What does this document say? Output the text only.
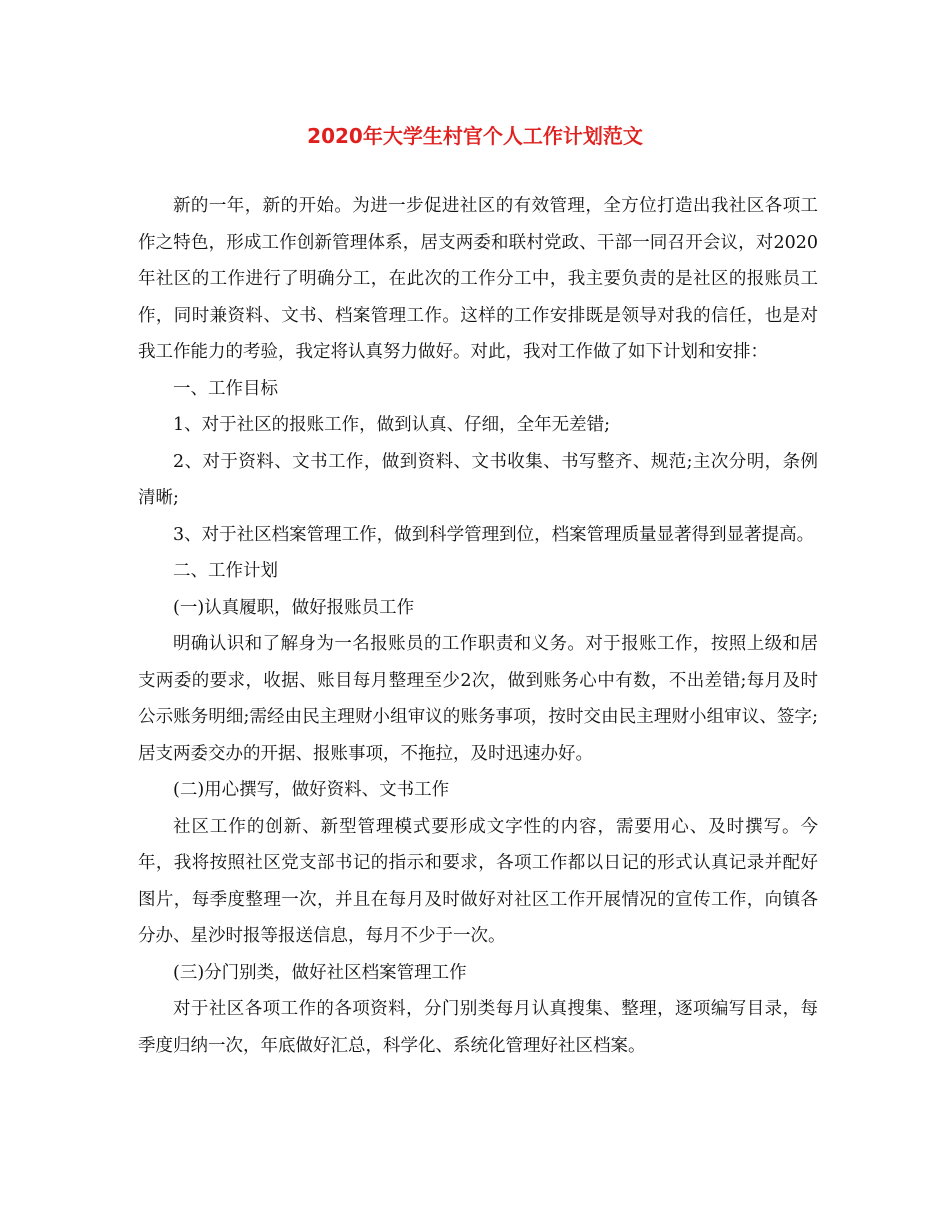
2020年大学生村官个人工作计划范文

新的一年，新的开始。为进一步促进社区的有效管理，全方位打造出我社区各项工作之特色，形成工作创新管理体系，居支两委和联村党政、干部一同召开会议，对2020年社区的工作进行了明确分工，在此次的工作分工中，我主要负责的是社区的报账员工作，同时兼资料、文书、档案管理工作。这样的工作安排既是领导对我的信任，也是对我工作能力的考验，我定将认真努力做好。对此，我对工作做了如下计划和安排：

一、工作目标

1、对于社区的报账工作，做到认真、仔细，全年无差错;

2、对于资料、文书工作，做到资料、文书收集、书写整齐、规范;主次分明，条例清晰;

3、对于社区档案管理工作，做到科学管理到位，档案管理质量显著得到显著提高。

二、工作计划

(一)认真履职，做好报账员工作

明确认识和了解身为一名报账员的工作职责和义务。对于报账工作，按照上级和居支两委的要求，收据、账目每月整理至少2次，做到账务心中有数，不出差错;每月及时公示账务明细;需经由民主理财小组审议的账务事项，按时交由民主理财小组审议、签字;居支两委交办的开据、报账事项，不拖拉，及时迅速办好。

(二)用心撰写，做好资料、文书工作

社区工作的创新、新型管理模式要形成文字性的内容，需要用心、及时撰写。今年，我将按照社区党支部书记的指示和要求，各项工作都以日记的形式认真记录并配好图片，每季度整理一次，并且在每月及时做好对社区工作开展情况的宣传工作，向镇各分办、星沙时报等报送信息，每月不少于一次。

(三)分门别类，做好社区档案管理工作

对于社区各项工作的各项资料，分门别类每月认真搜集、整理，逐项编写目录，每季度归纳一次，年底做好汇总，科学化、系统化管理好社区档案。
